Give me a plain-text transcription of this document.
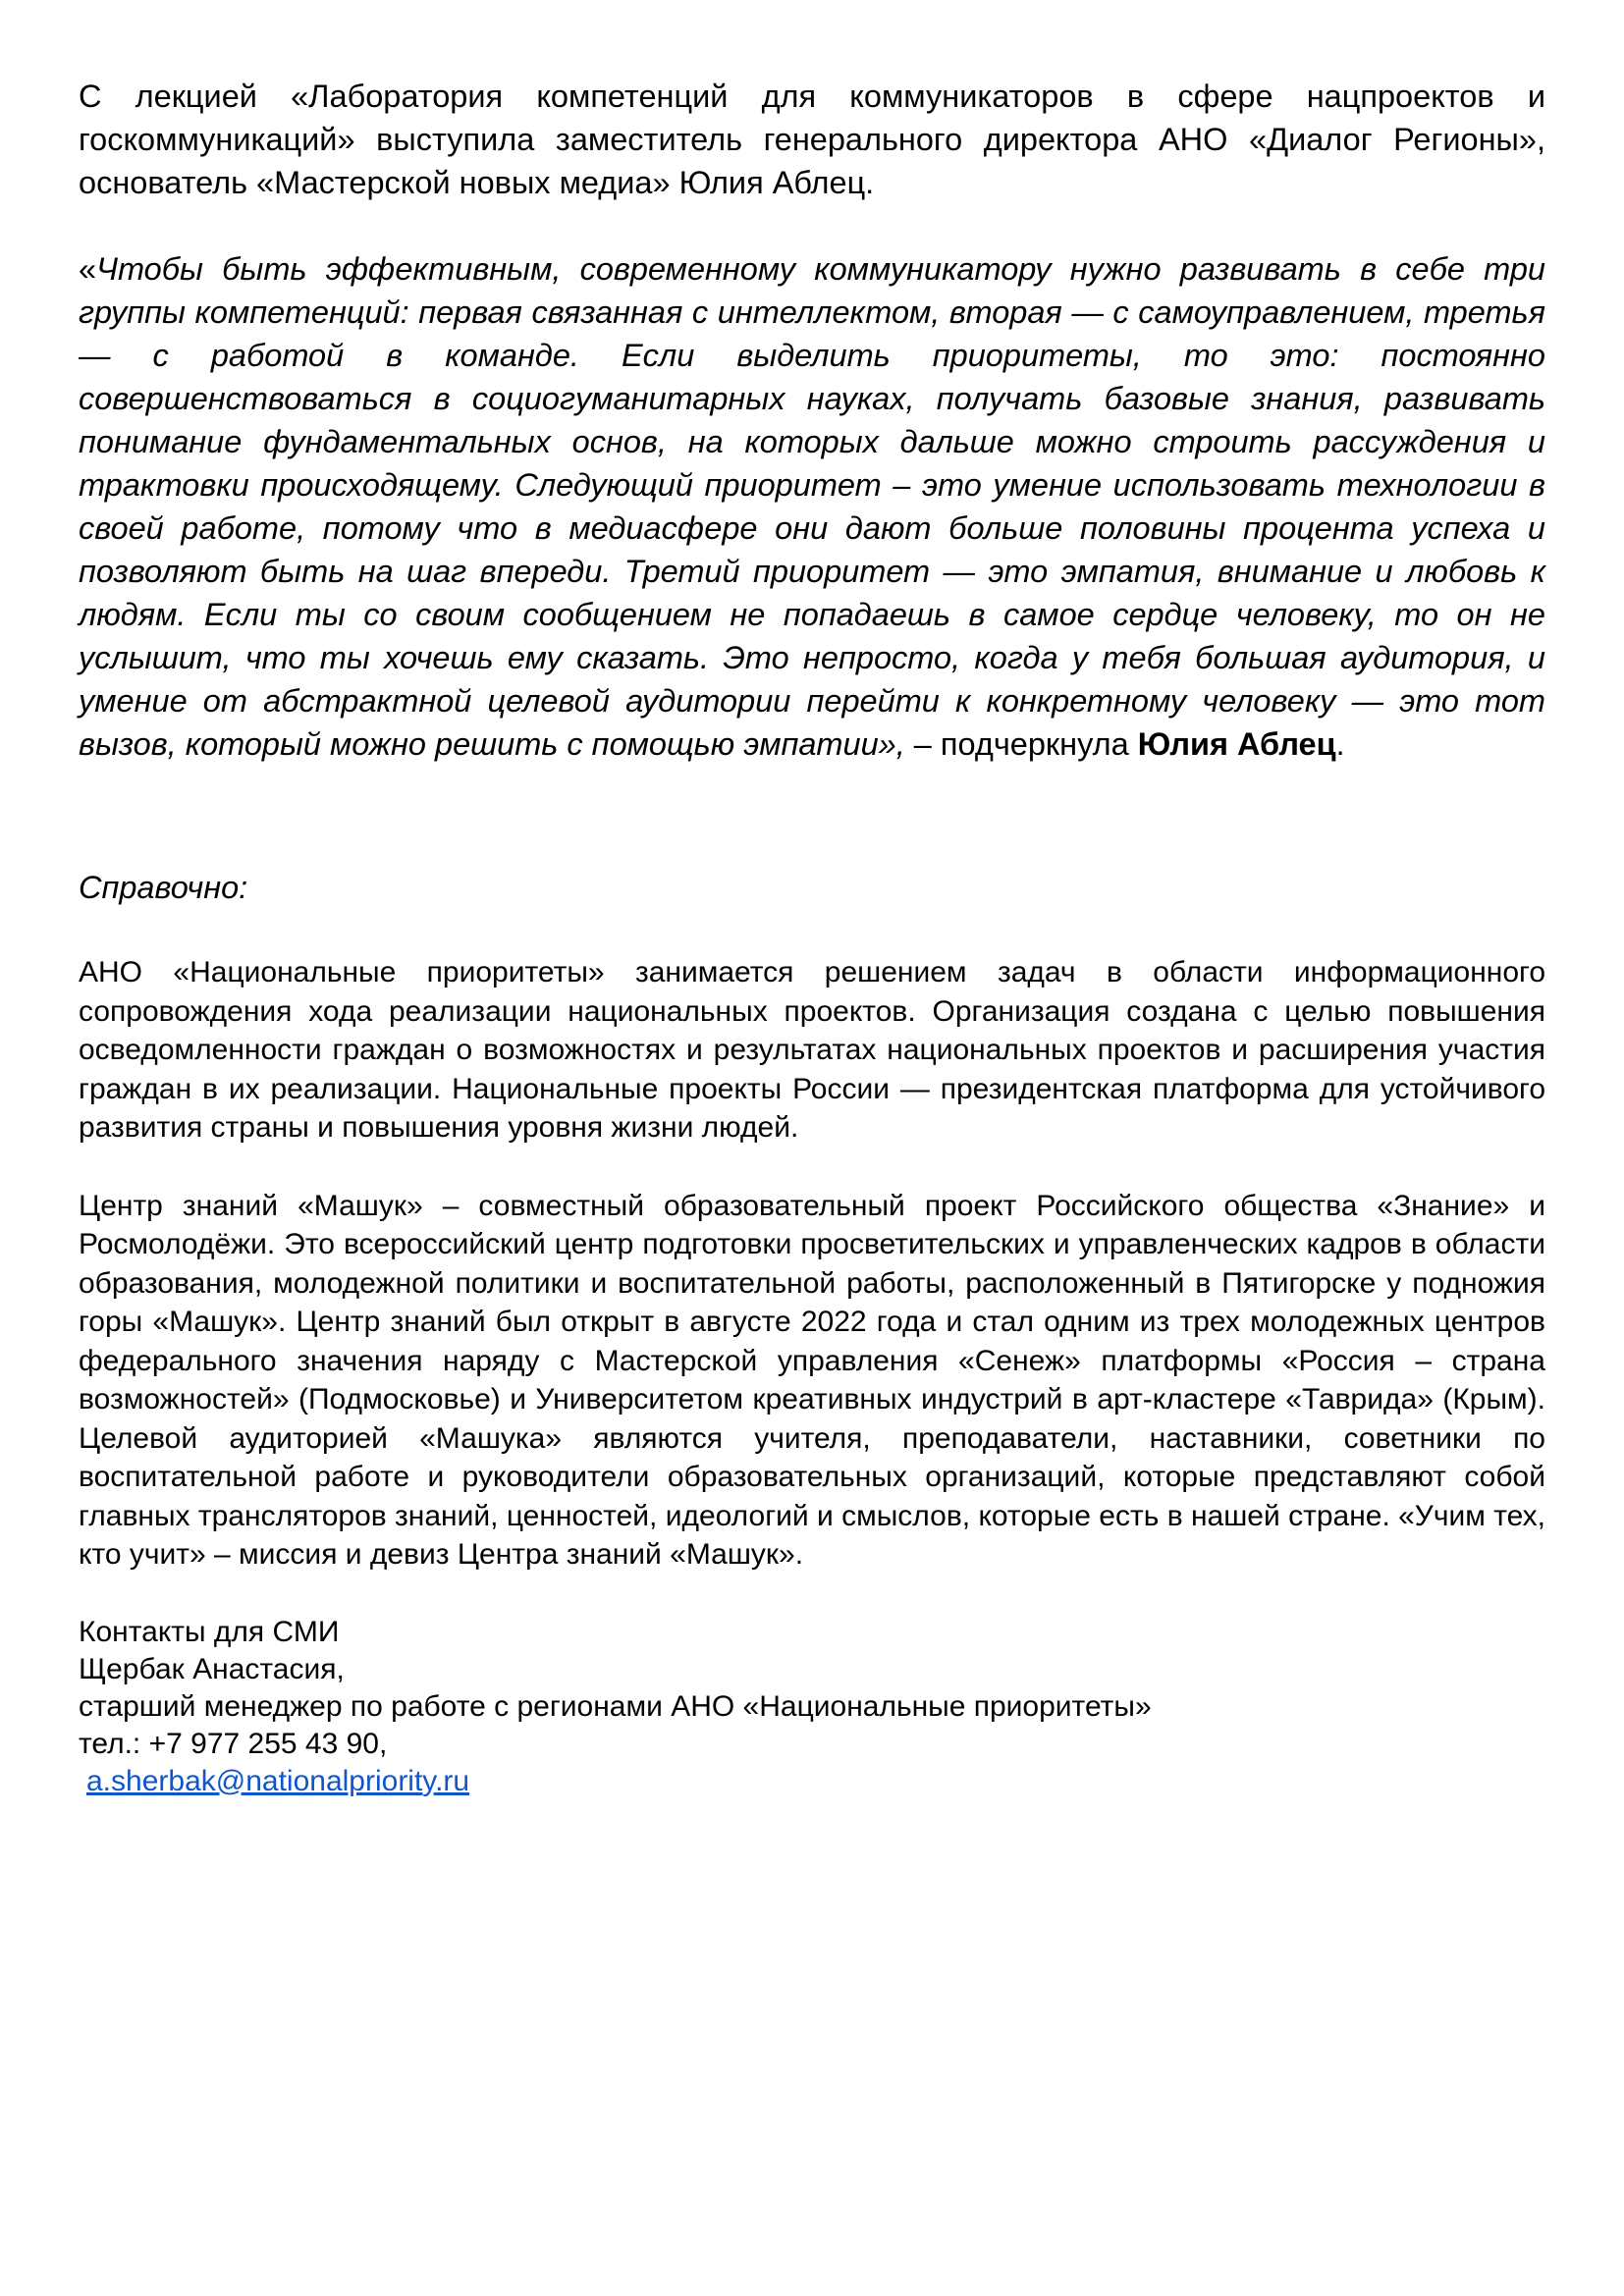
С лекцией «Лаборатория компетенций для коммуникаторов в сфере нацпроектов и госкоммуникаций» выступила заместитель генерального директора АНО «Диалог Регионы», основатель «Мастерской новых медиа» Юлия Аблец.

«Чтобы быть эффективным, современному коммуникатору нужно развивать в себе три группы компетенций: первая связанная с интеллектом, вторая — с самоуправлением, третья — с работой в команде. Если выделить приоритеты, то это: постоянно совершенствоваться в социогуманитарных науках, получать базовые знания, развивать понимание фундаментальных основ, на которых дальше можно строить рассуждения и трактовки происходящему. Следующий приоритет – это умение использовать технологии в своей работе, потому что в медиасфере они дают больше половины процента успеха и позволяют быть на шаг впереди. Третий приоритет — это эмпатия, внимание и любовь к людям. Если ты со своим сообщением не попадаешь в самое сердце человеку, то он не услышит, что ты хочешь ему сказать. Это непросто, когда у тебя большая аудитория, и умение от абстрактной целевой аудитории перейти к конкретному человеку — это тот вызов, который можно решить с помощью эмпатии», – подчеркнула Юлия Аблец.

Справочно:

АНО «Национальные приоритеты» занимается решением задач в области информационного сопровождения хода реализации национальных проектов. Организация создана с целью повышения осведомленности граждан о возможностях и результатах национальных проектов и расширения участия граждан в их реализации. Национальные проекты России — президентская платформа для устойчивого развития страны и повышения уровня жизни людей.

Центр знаний «Машук» – совместный образовательный проект Российского общества «Знание» и Росмолодёжи. Это всероссийский центр подготовки просветительских и управленческих кадров в области образования, молодежной политики и воспитательной работы, расположенный в Пятигорске у подножия горы «Машук». Центр знаний был открыт в августе 2022 года и стал одним из трех молодежных центров федерального значения наряду с Мастерской управления «Сенеж» платформы «Россия – страна возможностей» (Подмосковье) и Университетом креативных индустрий в арт-кластере «Таврида» (Крым). Целевой аудиторией «Машука» являются учителя, преподаватели, наставники, советники по воспитательной работе и руководители образовательных организаций, которые представляют собой главных трансляторов знаний, ценностей, идеологий и смыслов, которые есть в нашей стране. «Учим тех, кто учит» – миссия и девиз Центра знаний «Машук».

Контакты для СМИ
Щербак Анастасия,
старший менеджер по работе с регионами АНО «Национальные приоритеты»
тел.: +7 977 255 43 90,
a.sherbak@nationalpriority.ru
